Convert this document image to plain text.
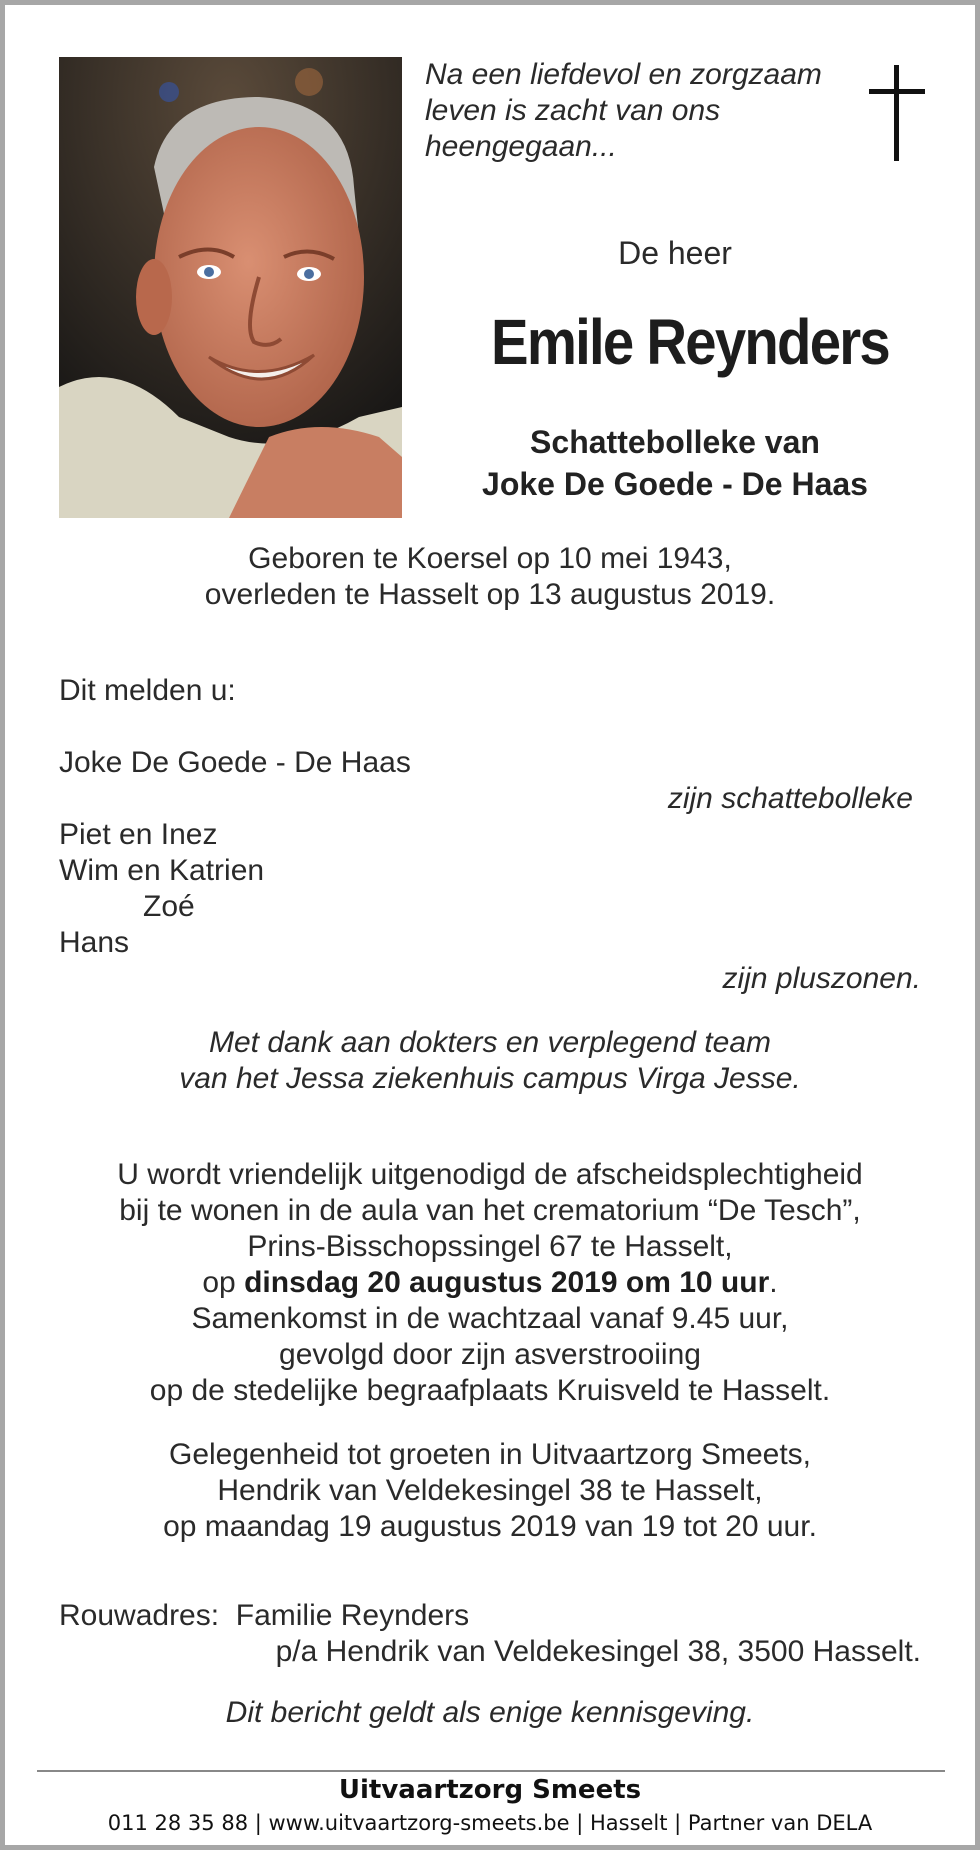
Na een liefdevol en zorgzaam
leven is zacht van ons
heengegaan...
De heer
Emile Reynders
Schattebolleke van
Joke De Goede - De Haas
Geboren te Koersel op 10 mei 1943,
overleden te Hasselt op 13 augustus 2019.
Dit melden u:
Joke De Goede - De Haas
zijn schattebolleke
Piet en Inez
Wim en Katrien
Zoé
Hans
zijn pluszonen.
Met dank aan dokters en verplegend team
van het Jessa ziekenhuis campus Virga Jesse.
U wordt vriendelijk uitgenodigd de afscheidsplechtigheid
bij te wonen in de aula van het crematorium “De Tesch”,
Prins-Bisschopssingel 67 te Hasselt,
op dinsdag 20 augustus 2019 om 10 uur.
Samenkomst in de wachtzaal vanaf 9.45 uur,
gevolgd door zijn asverstrooiing
op de stedelijke begraafplaats Kruisveld te Hasselt.
Gelegenheid tot groeten in Uitvaartzorg Smeets,
Hendrik van Veldekesingel 38 te Hasselt,
op maandag 19 augustus 2019 van 19 tot 20 uur.
Rouwadres: Familie Reynders
p/a Hendrik van Veldekesingel 38, 3500 Hasselt.
Dit bericht geldt als enige kennisgeving.
Uitvaartzorg Smeets
011 28 35 88 | www.uitvaartzorg-smeets.be | Hasselt | Partner van DELA
